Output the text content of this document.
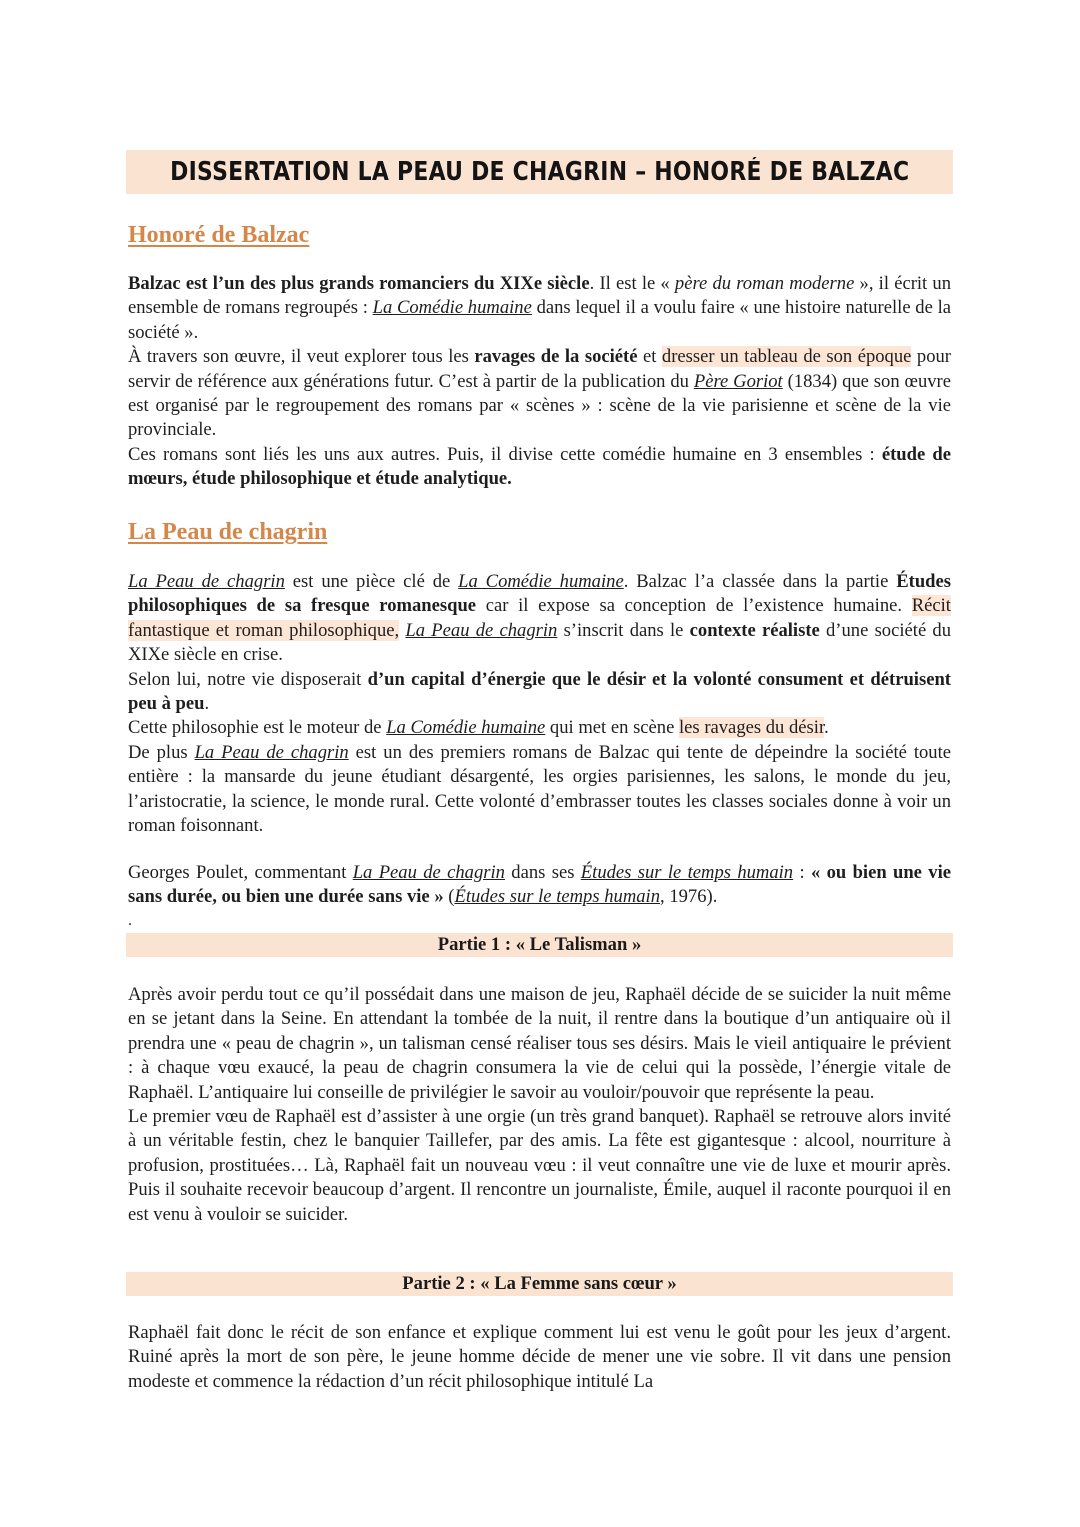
DISSERTATION LA PEAU DE CHAGRIN – HONORÉ DE BALZAC
Honoré de Balzac

Balzac est l’un des plus grands romanciers du XIXe siècle. Il est le « père du roman moderne », il écrit un ensemble de romans regroupés : La Comédie humaine dans lequel il a voulu faire « une histoire naturelle de la société ».

À travers son œuvre, il veut explorer tous les ravages de la société et dresser un tableau de son époque pour servir de référence aux générations futur. C’est à partir de la publication du Père Goriot (1834) que son œuvre est organisé par le regroupement des romans par « scènes » : scène de la vie parisienne et scène de la vie provinciale.

Ces romans sont liés les uns aux autres. Puis, il divise cette comédie humaine en 3 ensembles : étude de mœurs, étude philosophique et étude analytique.

La Peau de chagrin

La Peau de chagrin est une pièce clé de La Comédie humaine. Balzac l’a classée dans la partie Études philosophiques de sa fresque romanesque car il expose sa conception de l’existence humaine. Récit fantastique et roman philosophique, La Peau de chagrin s’inscrit dans le contexte réaliste d’une société du XIXe siècle en crise.

Selon lui, notre vie disposerait d’un capital d’énergie que le désir et la volonté consument et détruisent peu à peu.

Cette philosophie est le moteur de La Comédie humaine qui met en scène les ravages du désir.

De plus La Peau de chagrin est un des premiers romans de Balzac qui tente de dépeindre la société toute entière : la mansarde du jeune étudiant désargenté, les orgies parisiennes, les salons, le monde du jeu, l’aristocratie, la science, le monde rural. Cette volonté d’embrasser toutes les classes sociales donne à voir un roman foisonnant.

Georges Poulet, commentant La Peau de chagrin dans ses Études sur le temps humain : « ou bien une vie sans durée, ou bien une durée sans vie » (Études sur le temps humain, 1976).

.
Partie 1 : « Le Talisman »

Après avoir perdu tout ce qu’il possédait dans une maison de jeu, Raphaël décide de se suicider la nuit même en se jetant dans la Seine. En attendant la tombée de la nuit, il rentre dans la boutique d’un antiquaire où il prendra une « peau de chagrin », un talisman censé réaliser tous ses désirs. Mais le vieil antiquaire le prévient : à chaque vœu exaucé, la peau de chagrin consumera la vie de celui qui la possède, l’énergie vitale de Raphaël. L’antiquaire lui conseille de privilégier le savoir au vouloir/pouvoir que représente la peau.

Le premier vœu de Raphaël est d’assister à une orgie (un très grand banquet). Raphaël se retrouve alors invité à un véritable festin, chez le banquier Taillefer, par des amis. La fête est gigantesque : alcool, nourriture à profusion, prostituées… Là, Raphaël fait un nouveau vœu : il veut connaître une vie de luxe et mourir après. Puis il souhaite recevoir beaucoup d’argent. Il rencontre un journaliste, Émile, auquel il raconte pourquoi il en est venu à vouloir se suicider.

Partie 2 : « La Femme sans cœur »

Raphaël fait donc le récit de son enfance et explique comment lui est venu le goût pour les jeux d’argent. Ruiné après la mort de son père, le jeune homme décide de mener une vie sobre. Il vit dans une pension modeste et commence la rédaction d’un récit philosophique intitulé La
